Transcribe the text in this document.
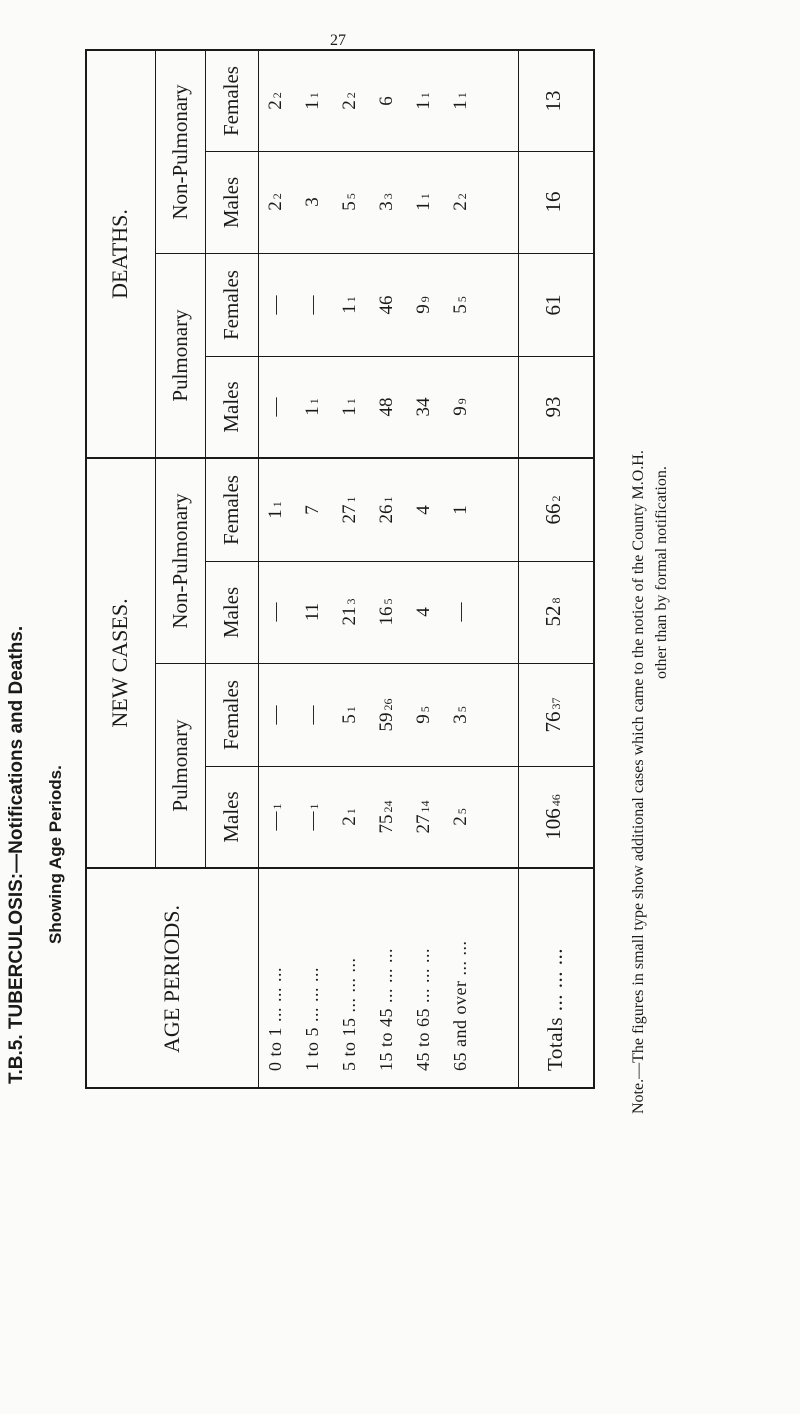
27
T.B.5. TUBERCULOSIS:—Notifications and Deaths. Showing Age Periods.
AGE PERIODS.
NEW CASES.
DEATHS.
Pulmonary
Non-Pulmonary
Pulmonary
Non-Pulmonary
Males
Females
Males
Females
Males
Females
Males
Females
0 to 1 ... ... ... 1 to 5 ... ... ... 5 to 15 ... ... ... 15 to 45 ... ... ... 45 to 65 ... ... ... 65 and over ... ...	Totals ... ... ...
—1
—
—
11
—
—
22
22
—1
—
11
7
11
—
3
11
21
51
213
271
11
11
55
22
7524
5926
165
261
48
46
33
6
2714
95
4
4
34
99
11
11
25
35
—
1
99
55
22
11
10646
7637
528
662
93
61
16
13
Note.—The figures in small type show additional cases which came to the notice of the County M.O.H. other than by formal notification.
